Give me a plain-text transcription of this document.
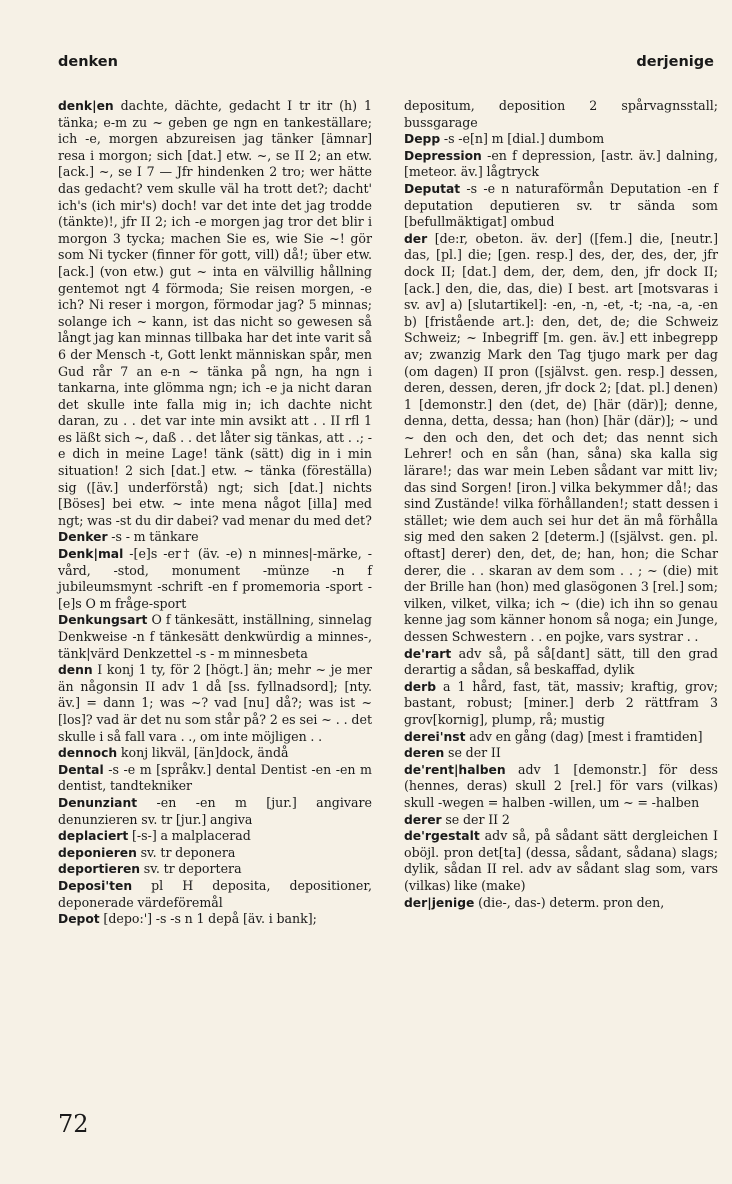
denken	derjenige

denk|en dachte, dächte, gedacht I tr itr (h) 1 tänka; e-m zu ~ geben ge ngn en tankeställare; ich -e, morgen abzureisen jag tänker [ämnar] resa i morgon; sich [dat.] etw. ~, se II 2; an etw. [ack.] ~, se I 7 — Jfr hindenken 2 tro; wer hätte das gedacht? vem skulle väl ha trott det?; dacht' ich's (ich mir's) doch! var det inte det jag trodde (tänkte)!, jfr II 2; ich -e morgen jag tror det blir i morgon 3 tycka; machen Sie es, wie Sie ~! gör som Ni tycker (finner för gott, vill) då!; über etw. [ack.] (von etw.) gut ~ inta en välvillig hållning gentemot ngt 4 förmoda; Sie reisen morgen, -e ich? Ni reser i morgon, förmodar jag? 5 minnas; solange ich ~ kann, ist das nicht so gewesen så långt jag kan minnas tillbaka har det inte varit så 6 der Mensch -t, Gott lenkt människan spår, men Gud rår 7 an e-n ~ tänka på ngn, ha ngn i tankarna, inte glömma ngn; ich -e ja nicht daran det skulle inte falla mig in; ich dachte nicht daran, zu . . det var inte min avsikt att . . II rfl 1 es läßt sich ~, daß . . det låter sig tänkas, att . .; -e dich in meine Lage! tänk (sätt) dig in i min situation! 2 sich [dat.] etw. ~ tänka (föreställa) sig ([äv.] underförstå) ngt; sich [dat.] nichts [Böses] bei etw. ~ inte mena något [illa] med ngt; was -st du dir dabei? vad menar du med det?

Denker -s - m tänkare

Denk|mal -[e]s -er† (äv. -e) n minnes|-märke, -vård, -stod, monument -münze -n f jubileumsmynt -schrift -en f promemoria -sport -[e]s O m fråge-sport

Denkungsart O f tänkesätt, inställning, sinnelag Denkweise -n f tänkesätt denkwürdig a minnes-, tänk|värd Denkzettel -s - m minnesbeta

denn I konj 1 ty, för 2 [högt.] än; mehr ~ je mer än någonsin II adv 1 då [ss. fyllnadsord]; [nty. äv.] = dann 1; was ~? vad [nu] då?; was ist ~ [los]? vad är det nu som står på? 2 es sei ~ . . det skulle i så fall vara . ., om inte möjligen . .

dennoch konj likväl, [än]dock, ändå

Dental -s -e m [språkv.] dental Dentist -en -en m dentist, tandtekniker

Denunziant -en -en m [jur.] angivare denunzieren sv. tr [jur.] angiva

deplaciert [-s-] a malplacerad

deponieren sv. tr deponera

deportieren sv. tr deportera

Deposi'ten pl H deposita, depositioner, deponerade värdeföremål

Depot [depo:'] -s -s n 1 depå [äv. i bank];

depositum, deposition 2 spårvagnsstall; bussgarage

Depp -s -e[n] m [dial.] dumbom

Depression -en f depression, [astr. äv.] dalning, [meteor. äv.] lågtryck

Deputat -s -e n naturaförmån Deputation -en f deputation deputieren sv. tr sända som [befullmäktigat] ombud

der [de:r, obeton. äv. der] ([fem.] die, [neutr.] das, [pl.] die; [gen. resp.] des, der, des, der, jfr dock II; [dat.] dem, der, dem, den, jfr dock II; [ack.] den, die, das, die) I best. art [motsvaras i sv. av] a) [slutartikel]: -en, -n, -et, -t; -na, -a, -en b) [fristående art.]: den, det, de; die Schweiz Schweiz; ~ Inbegriff [m. gen. äv.] ett inbegrepp av; zwanzig Mark den Tag tjugo mark per dag (om dagen) II pron ([självst. gen. resp.] dessen, deren, dessen, deren, jfr dock 2; [dat. pl.] denen) 1 [demonstr.] den (det, de) [här (där)]; denne, denna, detta, dessa; han (hon) [här (där)]; ~ und ~ den och den, det och det; das nennt sich Lehrer! och en sån (han, såna) ska kalla sig lärare!; das war mein Leben sådant var mitt liv; das sind Sorgen! [iron.] vilka bekymmer då!; das sind Zustände! vilka förhållanden!; statt dessen i stället; wie dem auch sei hur det än må förhålla sig med den saken 2 [determ.] ([självst. gen. pl. oftast] derer) den, det, de; han, hon; die Schar derer, die . . skaran av dem som . . ; ~ (die) mit der Brille han (hon) med glasögonen 3 [rel.] som; vilken, vilket, vilka; ich ~ (die) ich ihn so genau kenne jag som känner honom så noga; ein Junge, dessen Schwestern . . en pojke, vars systrar . .

de'rart adv så, på så[dant] sätt, till den grad derartig a sådan, så beskaffad, dylik

derb a 1 hård, fast, tät, massiv; kraftig, grov; bastant, robust; [miner.] derb 2 rättfram 3 grov[kornig], plump, rå; mustig

derei'nst adv en gång (dag) [mest i framtiden]

deren se der II

de'rent|halben adv 1 [demonstr.] för dess (hennes, deras) skull 2 [rel.] för vars (vilkas) skull -wegen = halben -willen, um ~ = -halben

derer se der II 2

de'rgestalt adv så, på sådant sätt dergleichen I oböjl. pron det[ta] (dessa, sådant, sådana) slags; dylik, sådan II rel. adv av sådant slag som, vars (vilkas) like (make)

der|jenige (die-, das-) determ. pron den,

72
